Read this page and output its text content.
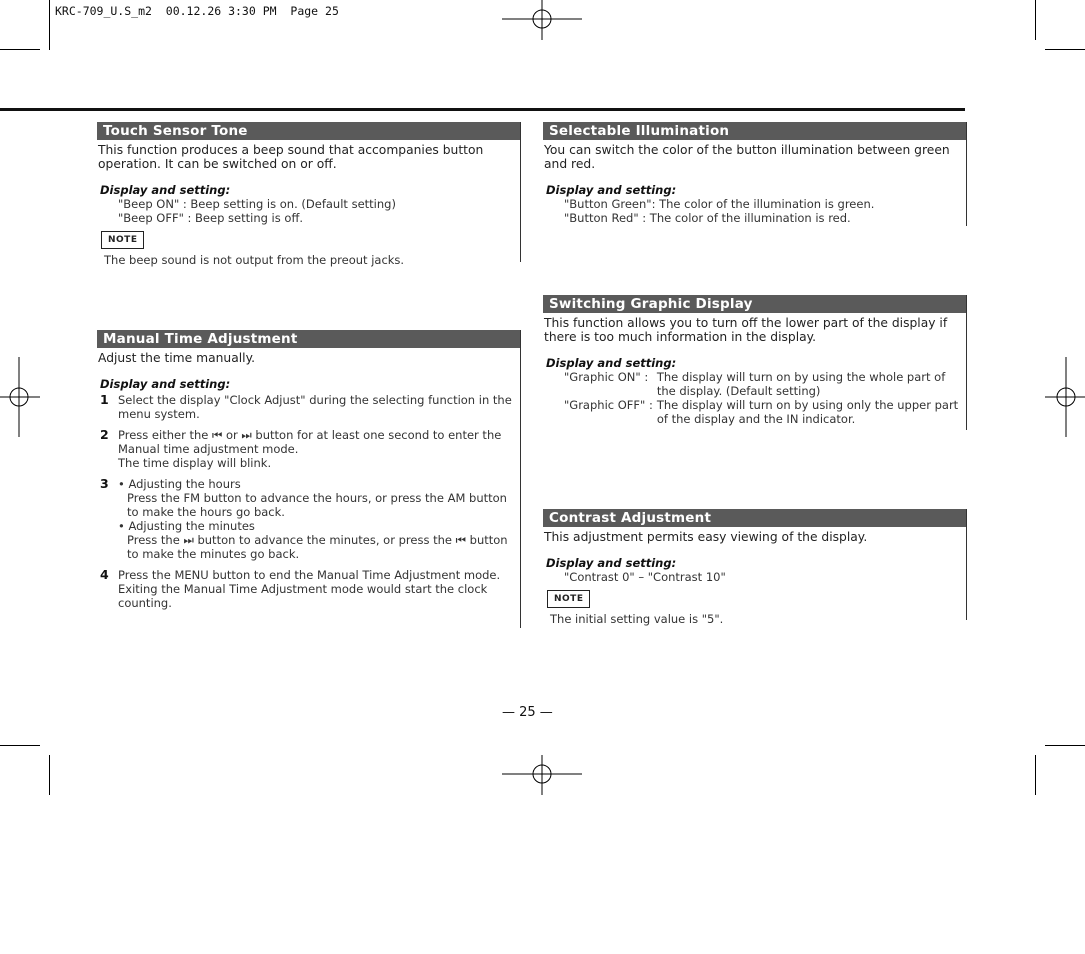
KRC-709_U.S_m2  00.12.26 3:30 PM  Page 25
Touch Sensor Tone
This function produces a beep sound that accompanies button operation. It can be switched on or off.
Display and setting:
"Beep ON" : Beep setting is on. (Default setting)
"Beep OFF" : Beep setting is off.
NOTE
The beep sound is not output from the preout jacks.
Manual Time Adjustment
Adjust the time manually.
Display and setting:
1 Select the display "Clock Adjust" during the selecting function in the menu system.
2 Press either the ⏮ or ⏭ button for at least one second to enter the Manual time adjustment mode.
The time display will blink.
3 • Adjusting the hours
Press the FM button to advance the hours, or press the AM button to make the hours go back.
• Adjusting the minutes
Press the ⏭ button to advance the minutes, or press the ⏮ button to make the minutes go back.
4 Press the MENU button to end the Manual Time Adjustment mode.
Exiting the Manual Time Adjustment mode would start the clock counting.
Selectable Illumination
You can switch the color of the button illumination between green and red.
Display and setting:
"Button Green": The color of the illumination is green.
"Button Red" : The color of the illumination is red.
Switching Graphic Display
This function allows you to turn off the lower part of the display if there is too much information in the display.
Display and setting:
"Graphic ON" : The display will turn on by using the whole part of the display. (Default setting)
"Graphic OFF" : The display will turn on by using only the upper part of the display and the IN indicator.
Contrast Adjustment
This adjustment permits easy viewing of the display.
Display and setting:
"Contrast 0" – "Contrast 10"
NOTE
The initial setting value is "5".
— 25 —
